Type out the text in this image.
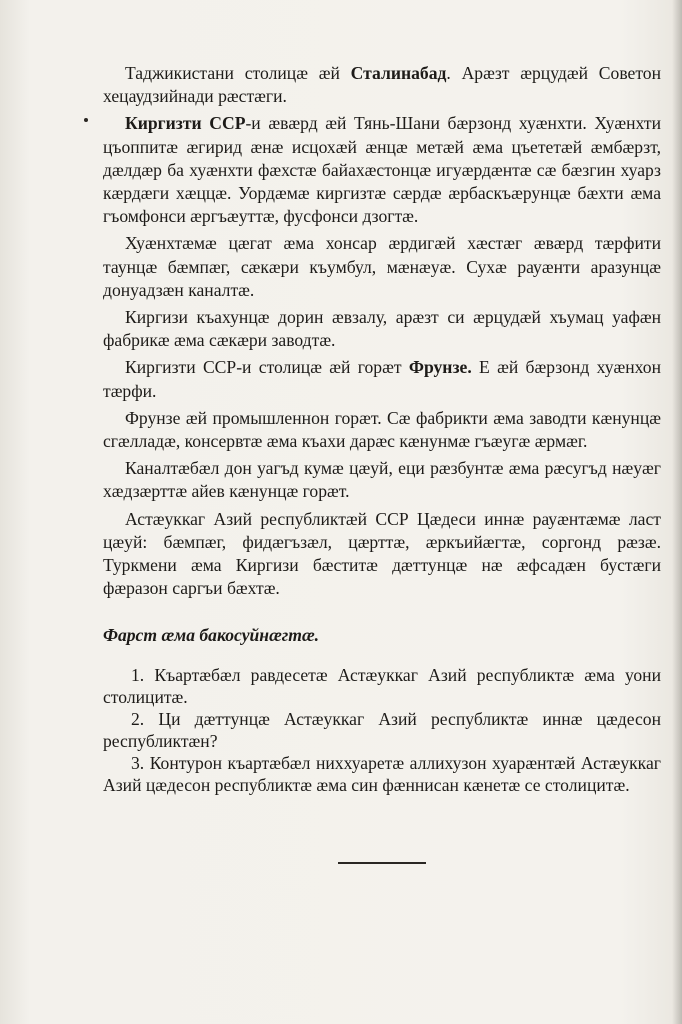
Таджикистани столицæ æй Сталинабад. Арæзт æрцудæй Советон хецаудзийнади рæстæги.

Киргизти ССР-и æвæрд æй Тянь-Шани бæрзонд хуæнхти. Хуæнхти цъоппитæ æгирид æнæ исцохæй æнцæ метæй æма цъететæй æмбæрзт, дæлдæр ба хуæнхти фæхстæ байахæстонцæ игуæрдæнтæ сæ бæзгин хуарз кæрдæги хæццæ. Уордæмæ киргизтæ сæрдæ æрбаскъæрунцæ бæхти æма гъомфонси æргъæуттæ, фусфонси дзогтæ.

Хуæнхтæмæ цæгат æма хонсар æрдигæй хæстæг æвæрд тæрфити таунцæ бæмпæг, сæкæри къумбул, мæнæуæ. Сухæ рауæнти аразунцæ донуадзæн каналтæ.

Киргизи къахунцæ дорин æвзалу, арæзт си æрцудæй хъумац уафæн фабрикæ æма сæкæри заводтæ.

Киргизти ССР-и столицæ æй горæт Фрунзе. Е æй бæрзонд хуæнхон тæрфи.

Фрунзе æй промышленнон горæт. Сæ фабрикти æма заводти кæнунцæ сгæлладæ, консервтæ æма къахи дарæс кæнунмæ гъæугæ æрмæг.

Каналтæбæл дон уагъд кумæ цæуй, еци рæзбунтæ æма рæсугъд нæуæг хæдзæрттæ айев кæнунцæ горæт.

Астæуккаг Азий республиктæй ССР Цæдеси иннæ рауæнтæмæ ласт цæуй: бæмпæг, фидæгъзæл, цæрттæ, æркъийæгтæ, соргонд рæзæ. Туркмени æма Киргизи бæститæ дæттунцæ нæ æфсадæн бустæги фæразон саргъи бæхтæ.

Фарст æма бакосуйнæгтæ.

1. Къартæбæл равдесетæ Астæуккаг Азий республиктæ æма уони столицитæ.

2. Ци дæттунцæ Астæуккаг Азий республиктæ иннæ цæдесон республиктæн?

3. Контурон къартæбæл ниххуаретæ аллихузон хуарæнтæй Астæуккаг Азий цæдесон республиктæ æма син фæннисан кæнетæ се столицитæ.
